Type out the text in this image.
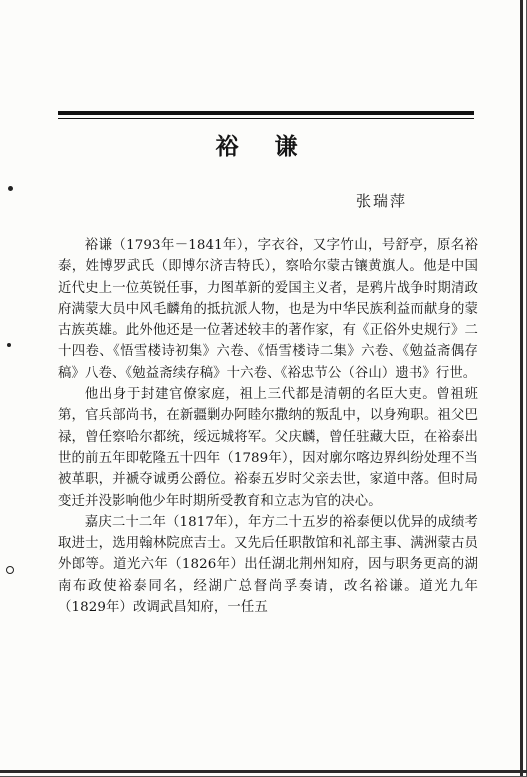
裕 谦
张瑞萍

裕谦（1793年－1841年），字衣谷，又字竹山，号舒亭，原名裕泰，姓博罗武氏（即博尔济吉特氏），察哈尔蒙古镶黄旗人。他是中国近代史上一位英锐任事，力图革新的爱国主义者，是鸦片战争时期清政府满蒙大员中风毛麟角的抵抗派人物，也是为中华民族利益而献身的蒙古族英雄。此外他还是一位著述较丰的著作家，有《正俗外史规行》二十四卷、《悟雪楼诗初集》六卷、《悟雪楼诗二集》六卷、《勉益斋偶存稿》八卷、《勉益斋续存稿》十六卷、《裕忠节公（谷山）遗书》行世。

他出身于封建官僚家庭，祖上三代都是清朝的名臣大吏。曾祖班第，官兵部尚书，在新疆剿办阿睦尔撒纳的叛乱中，以身殉职。祖父巴禄，曾任察哈尔都统，绥远城将军。父庆麟，曾任驻藏大臣，在裕泰出世的前五年即乾隆五十四年（1789年），因对廓尔喀边界纠纷处理不当被革职，并褫夺诚勇公爵位。裕泰五岁时父亲去世，家道中落。但时局变迁并没影响他少年时期所受教育和立志为官的决心。

嘉庆二十二年（1817年），年方二十五岁的裕泰便以优异的成绩考取进士，选用翰林院庶吉士。又先后任职散馆和礼部主事、满洲蒙古员外郎等。道光六年（1826年）出任湖北荆州知府，因与职务更高的湖南布政使裕泰同名，经湖广总督尚孚奏请，改名裕谦。道光九年（1829年）改调武昌知府，一任五
